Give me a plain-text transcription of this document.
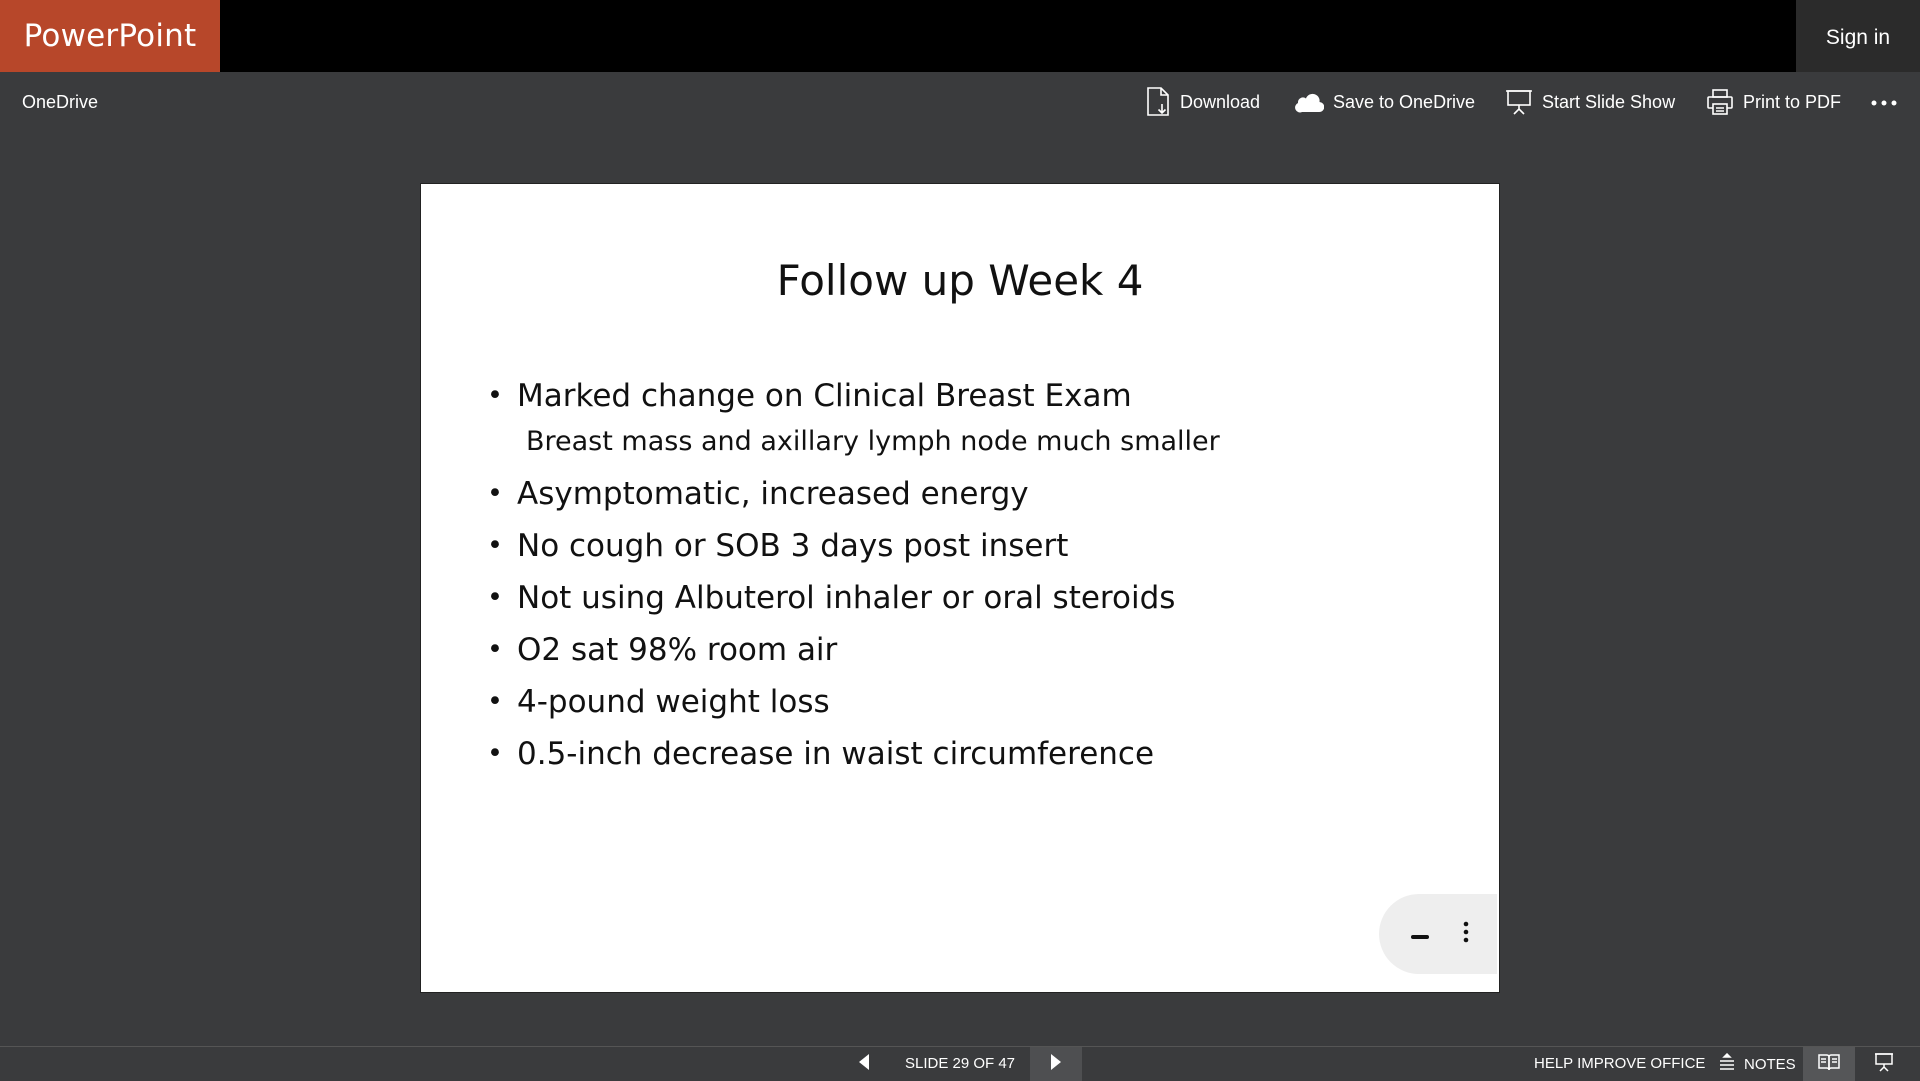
PowerPoint	Sign in
OneDrive	Download	Save to OneDrive	Start Slide Show	Print to PDF
Follow up Week 4
• Marked change on Clinical Breast Exam
Breast mass and axillary lymph node much smaller
• Asymptomatic, increased energy
• No cough or SOB 3 days post insert
• Not using Albuterol inhaler or oral steroids
• O2 sat 98% room air
• 4-pound weight loss
• 0.5-inch decrease in waist circumference
SLIDE 29 OF 47	HELP IMPROVE OFFICE	NOTES
